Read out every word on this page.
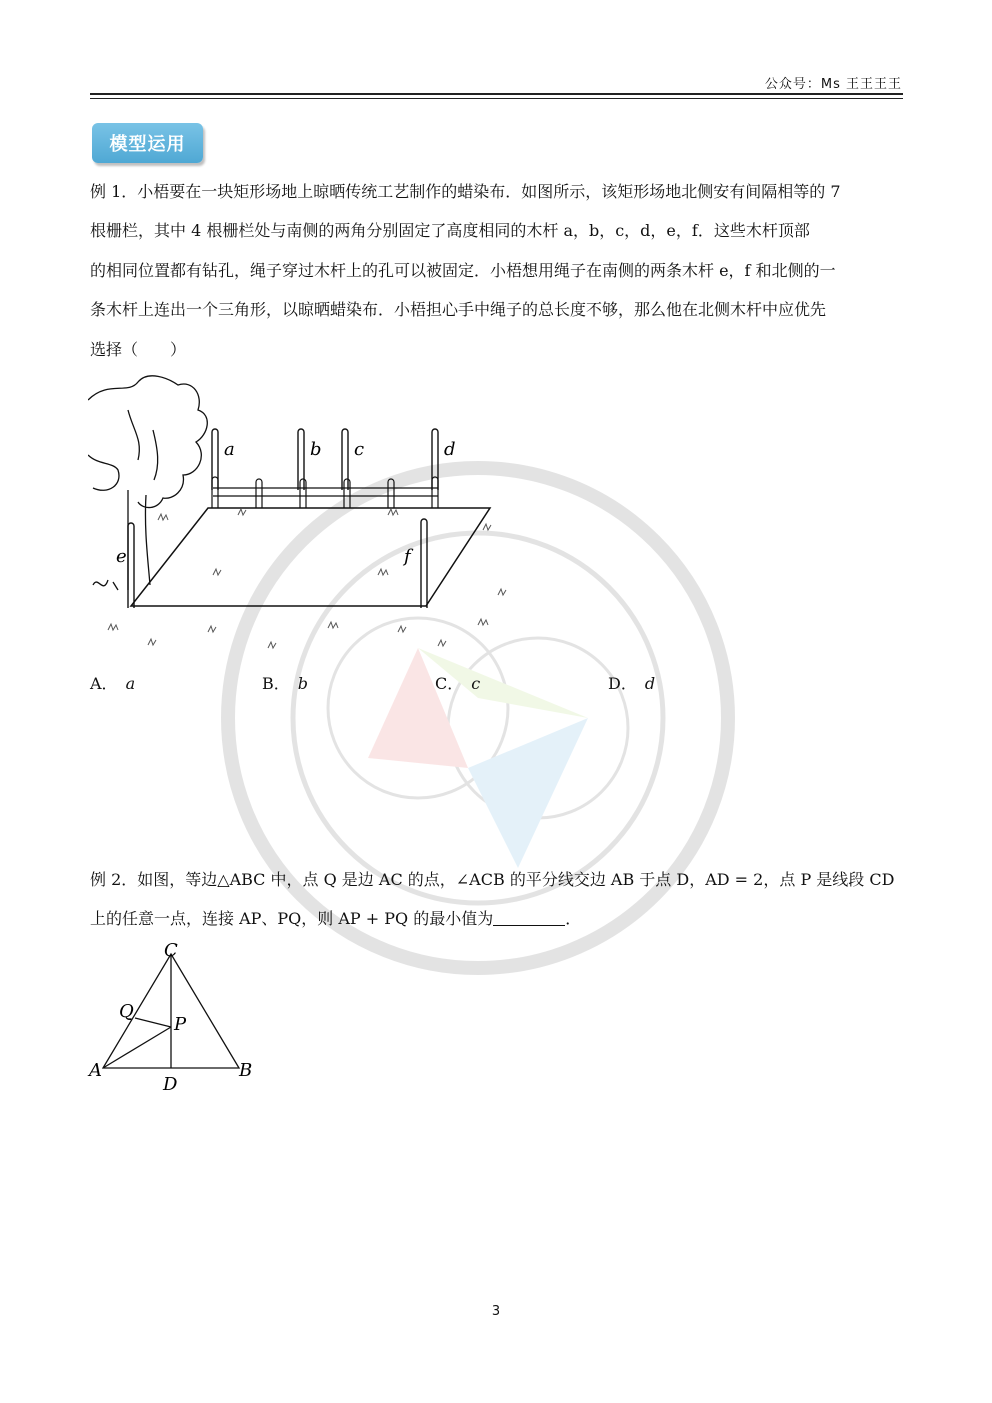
公众号：Ms 王王王王
模型运用
例 1．小梧要在一块矩形场地上晾晒传统工艺制作的蜡染布．如图所示，该矩形场地北侧安有间隔相等的 7
根栅栏，其中 4 根栅栏处与南侧的两角分别固定了高度相同的木杆 a，b，c，d，e，f．这些木杆顶部
的相同位置都有钻孔，绳子穿过木杆上的孔可以被固定．小梧想用绳子在南侧的两条木杆 e，f 和北侧的一
条木杆上连出一个三角形，以晾晒蜡染布．小梧担心手中绳子的总长度不够，那么他在北侧木杆中应优先
选择（　　）
a	b c	d
e	f
A． a	B． b	C． c	D． d
例 2．如图，等边△ABC 中，点 Q 是边 AC 的点，∠ACB 的平分线交边 AB 于点 D，AD = 2，点 P 是线段 CD
上的任意一点，连接 AP、PQ，则 AP + PQ 的最小值为	．
C
Q
P
A	B
D
3
